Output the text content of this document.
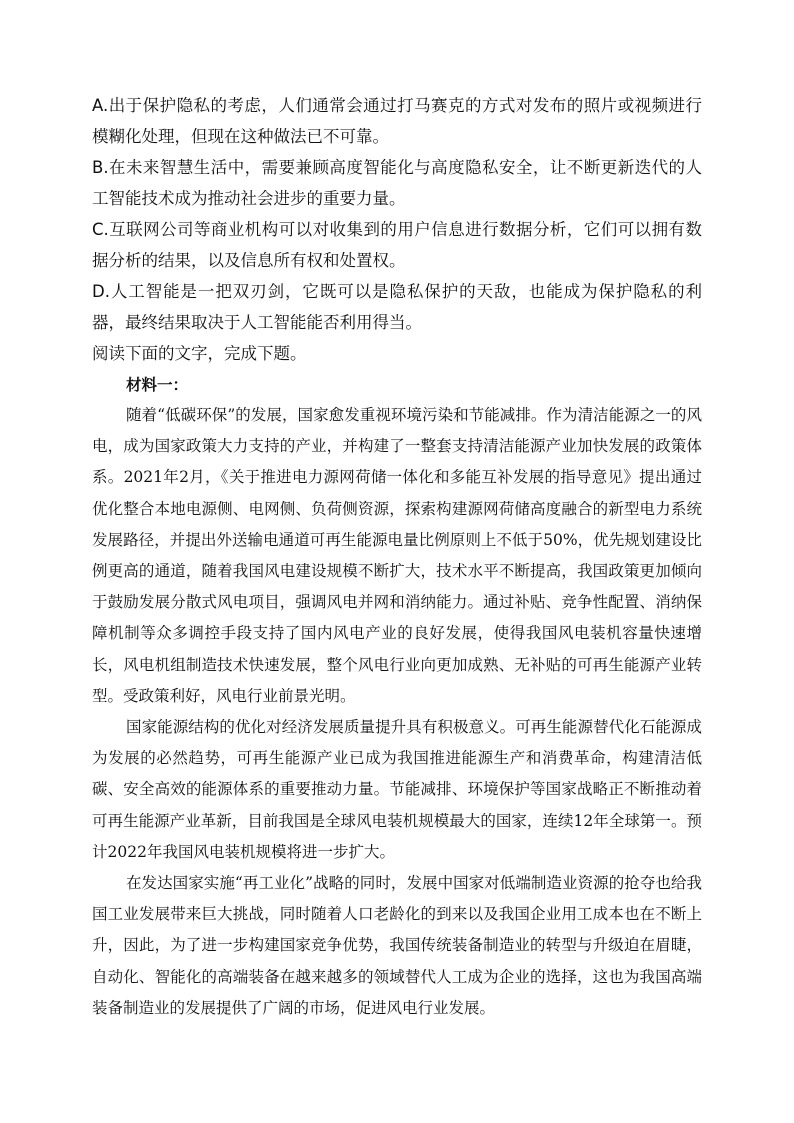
A.出于保护隐私的考虑，人们通常会通过打马赛克的方式对发布的照片或视频进行模糊化处理，但现在这种做法已不可靠。

B.在未来智慧生活中，需要兼顾高度智能化与高度隐私安全，让不断更新迭代的人工智能技术成为推动社会进步的重要力量。

C.互联网公司等商业机构可以对收集到的用户信息进行数据分析，它们可以拥有数据分析的结果，以及信息所有权和处置权。

D.人工智能是一把双刃剑，它既可以是隐私保护的天敌，也能成为保护隐私的利器，最终结果取决于人工智能能否利用得当。

阅读下面的文字，完成下题。

材料一：

随着“低碳环保”的发展，国家愈发重视环境污染和节能减排。作为清洁能源之一的风电，成为国家政策大力支持的产业，并构建了一整套支持清洁能源产业加快发展的政策体系。2021年2月，《关于推进电力源网荷储一体化和多能互补发展的指导意见》提出通过优化整合本地电源侧、电网侧、负荷侧资源，探索构建源网荷储高度融合的新型电力系统发展路径，并提出外送输电通道可再生能源电量比例原则上不低于50%，优先规划建设比例更高的通道，随着我国风电建设规模不断扩大，技术水平不断提高，我国政策更加倾向于鼓励发展分散式风电项目，强调风电并网和消纳能力。通过补贴、竞争性配置、消纳保障机制等众多调控手段支持了国内风电产业的良好发展，使得我国风电装机容量快速增长，风电机组制造技术快速发展，整个风电行业向更加成熟、无补贴的可再生能源产业转型。受政策利好，风电行业前景光明。

国家能源结构的优化对经济发展质量提升具有积极意义。可再生能源替代化石能源成为发展的必然趋势，可再生能源产业已成为我国推进能源生产和消费革命，构建清洁低碳、安全高效的能源体系的重要推动力量。节能减排、环境保护等国家战略正不断推动着可再生能源产业革新，目前我国是全球风电装机规模最大的国家，连续12年全球第一。预计2022年我国风电装机规模将进一步扩大。

在发达国家实施“再工业化”战略的同时，发展中国家对低端制造业资源的抢夺也给我国工业发展带来巨大挑战，同时随着人口老龄化的到来以及我国企业用工成本也在不断上升，因此，为了进一步构建国家竞争优势，我国传统装备制造业的转型与升级迫在眉睫，自动化、智能化的高端装备在越来越多的领域替代人工成为企业的选择，这也为我国高端装备制造业的发展提供了广阔的市场，促进风电行业发展。
